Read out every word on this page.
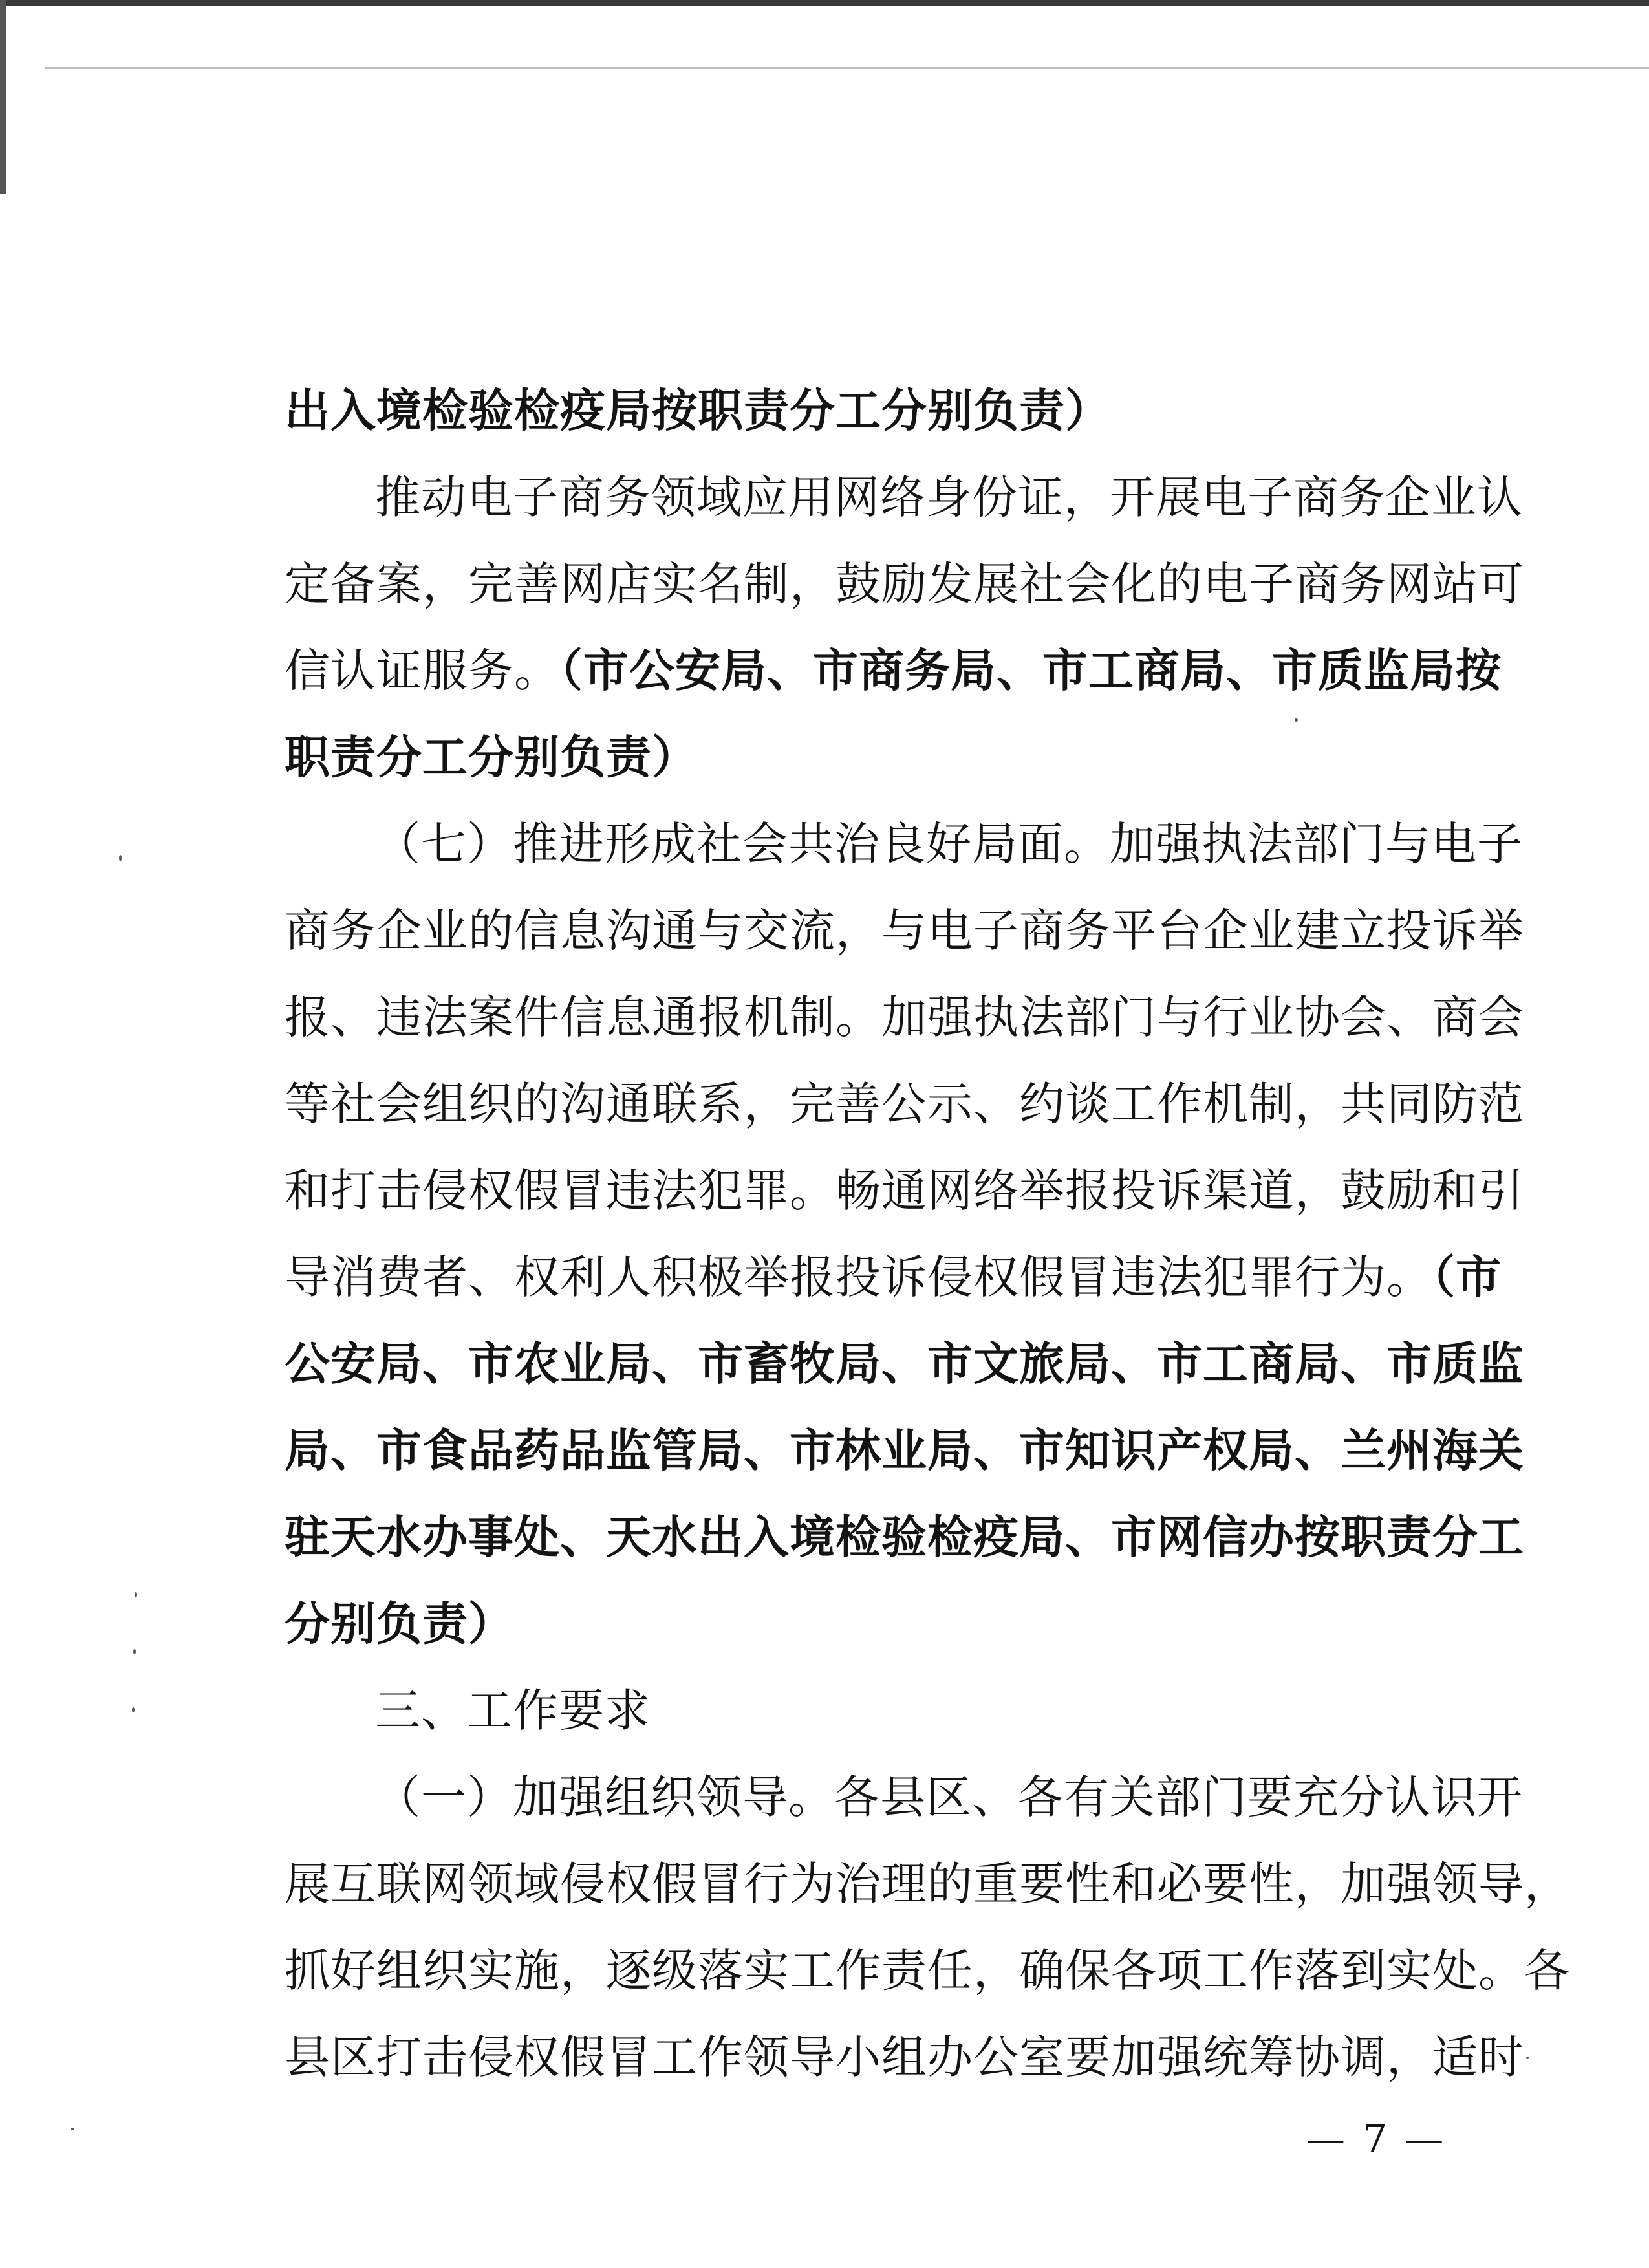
出入境检验检疫局按职责分工分别负责）
推动电子商务领域应用网络身份证，开展电子商务企业认
定备案，完善网店实名制，鼓励发展社会化的电子商务网站可
信认证服务。（市公安局、市商务局、市工商局、市质监局按
职责分工分别负责）
（七）推进形成社会共治良好局面。加强执法部门与电子
商务企业的信息沟通与交流，与电子商务平台企业建立投诉举
报、违法案件信息通报机制。加强执法部门与行业协会、商会
等社会组织的沟通联系，完善公示、约谈工作机制，共同防范
和打击侵权假冒违法犯罪。畅通网络举报投诉渠道，鼓励和引
导消费者、权利人积极举报投诉侵权假冒违法犯罪行为。（市
公安局、市农业局、市畜牧局、市文旅局、市工商局、市质监
局、市食品药品监管局、市林业局、市知识产权局、兰州海关
驻天水办事处、天水出入境检验检疫局、市网信办按职责分工
分别负责）
三、工作要求
（一）加强组织领导。各县区、各有关部门要充分认识开
展互联网领域侵权假冒行为治理的重要性和必要性，加强领导，
抓好组织实施，逐级落实工作责任，确保各项工作落到实处。各
县区打击侵权假冒工作领导小组办公室要加强统筹协调，适时
— 7 —
